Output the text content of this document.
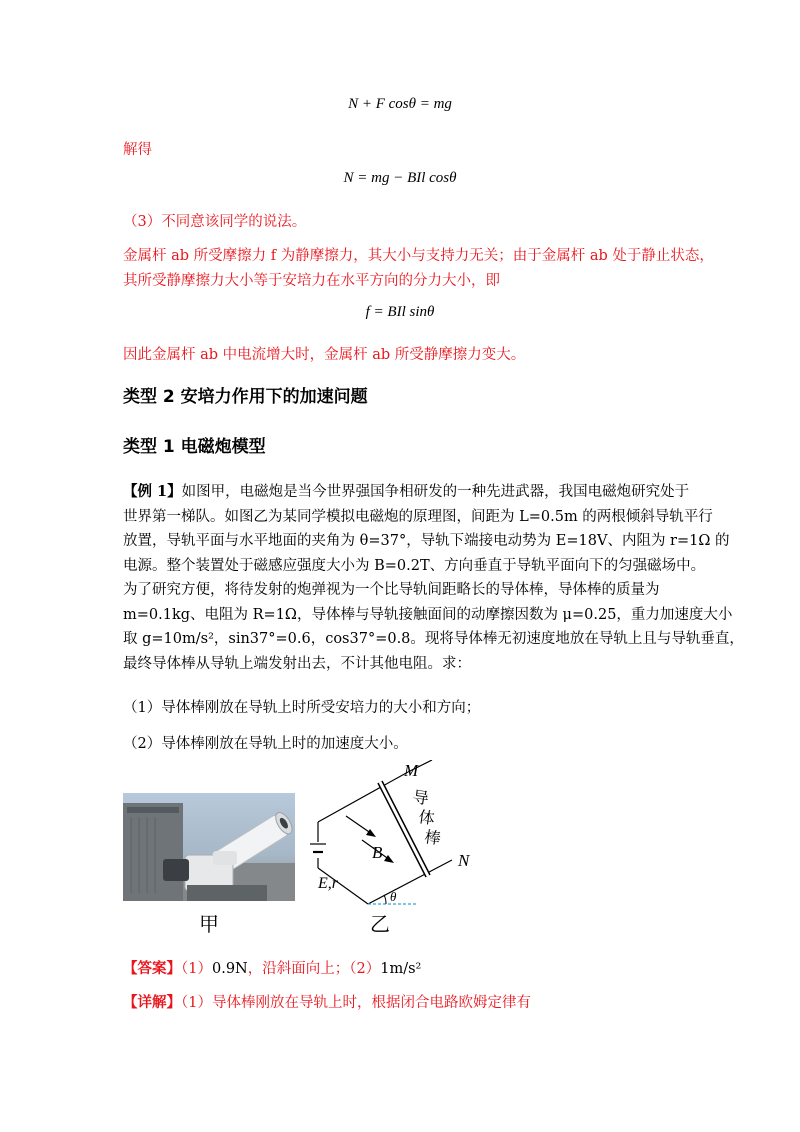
N + F cosθ = mg
解得
N = mg − BIl cosθ
（3）不同意该同学的说法。
金属杆 ab 所受摩擦力 f 为静摩擦力，其大小与支持力无关；由于金属杆 ab 处于静止状态，
其所受静摩擦力大小等于安培力在水平方向的分力大小，即
f = BIl sinθ
因此金属杆 ab 中电流增大时，金属杆 ab 所受静摩擦力变大。
类型 2 安培力作用下的加速问题
类型 1 电磁炮模型

【例 1】如图甲，电磁炮是当今世界强国争相研发的一种先进武器，我国电磁炮研究处于

世界第一梯队。如图乙为某同学模拟电磁炮的原理图，间距为 L=0.5m 的两根倾斜导轨平行

放置，导轨平面与水平地面的夹角为 θ=37°，导轨下端接电动势为 E=18V、内阻为 r=1Ω 的

电源。整个装置处于磁感应强度大小为 B=0.2T、方向垂直于导轨平面向下的匀强磁场中。

为了研究方便，将待发射的炮弹视为一个比导轨间距略长的导体棒，导体棒的质量为

m=0.1kg、电阻为 R=1Ω，导体棒与导轨接触面间的动摩擦因数为 μ=0.25，重力加速度大小

取 g=10m/s²，sin37°=0.6，cos37°=0.8。现将导体棒无初速度地放在导轨上且与导轨垂直，

最终导体棒从导轨上端发射出去，不计其他电阻。求：

（1）导体棒刚放在导轨上时所受安培力的大小和方向；
（2）导体棒刚放在导轨上时的加速度大小。
甲
M
N
B
E,r
θ
导
体
棒
乙
【答案】（1）0.9N，沿斜面向上；（2）1m/s²
【详解】（1）导体棒刚放在导轨上时，根据闭合电路欧姆定律有
